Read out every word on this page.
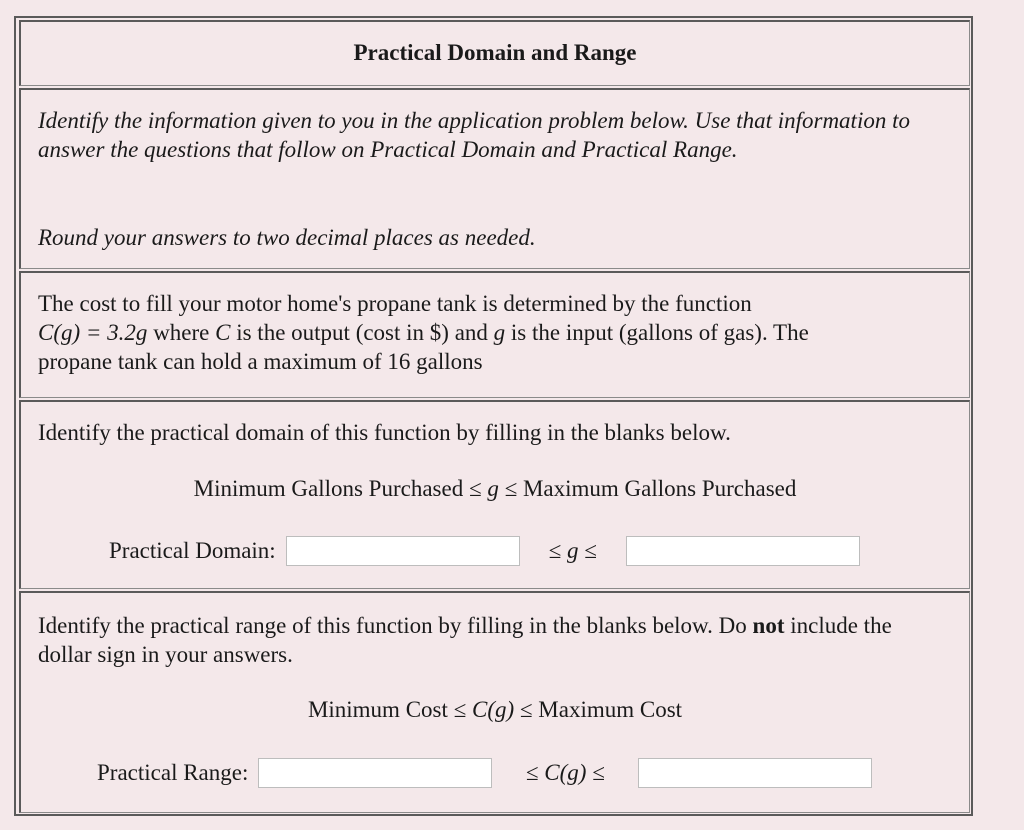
Practical Domain and Range
Identify the information given to you in the application problem below. Use that information to answer the questions that follow on Practical Domain and Practical Range.
Round your answers to two decimal places as needed.
The cost to fill your motor home's propane tank is determined by the function
C(g) = 3.2g where C is the output (cost in $) and g is the input (gallons of gas). The
propane tank can hold a maximum of 16 gallons
Identify the practical domain of this function by filling in the blanks below.
Minimum Gallons Purchased ≤ g ≤ Maximum Gallons Purchased
Practical Domain:	≤ g ≤
Identify the practical range of this function by filling in the blanks below. Do not include the dollar sign in your answers.
Minimum Cost ≤ C(g) ≤ Maximum Cost
Practical Range:	≤ C(g) ≤
